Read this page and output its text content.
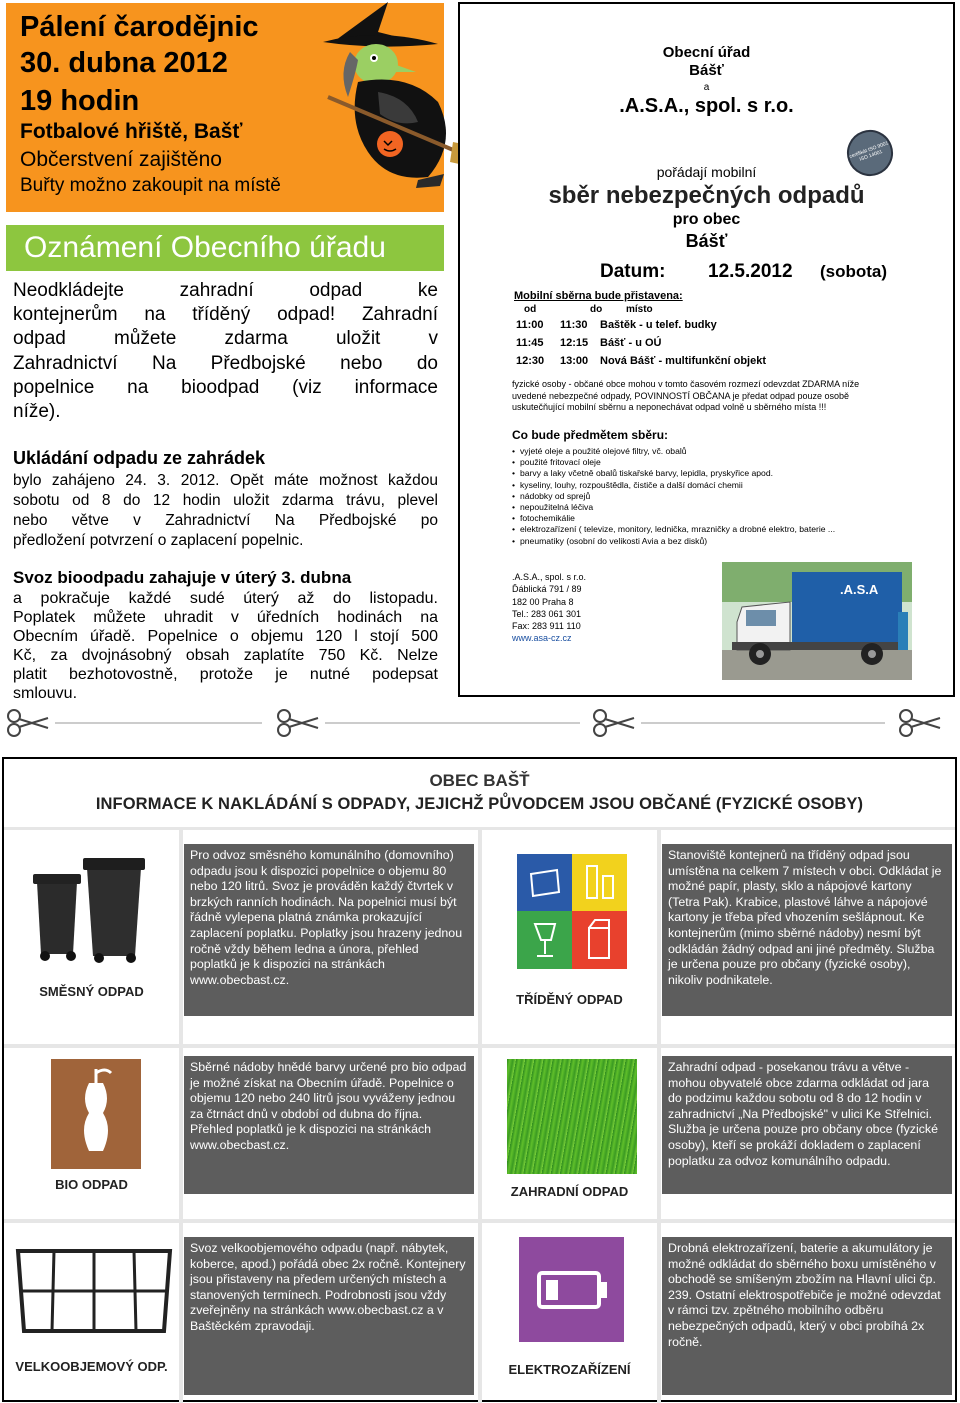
Pálení čarodějnic
30. dubna 2012
19 hodin
Fotbalové hřiště, Bašť
Občerstvení zajištěno
Buřty možno zakoupit na místě
Oznámení Obecního úřadu
Neodkládejte zahradní odpad ke
kontejnerům na tříděný odpad! Zahradní
odpad můžete zdarma uložit v
Zahradnictví Na Předbojské nebo do
popelnice na bioodpad (viz informace
níže).
Ukládání odpadu ze zahrádek
bylo zahájeno 24. 3. 2012. Opět máte možnost každou
sobotu od 8 do 12 hodin uložit zdarma trávu, plevel
nebo větve v Zahradnictví Na Předbojské po
předložení potvrzení o zaplacení popelnic.
Svoz bioodpadu zahajuje v úterý 3. dubna
a pokračuje každé sudé úterý až do listopadu.
Poplatek můžete uhradit v úředních hodinách na
Obecním úřadě. Popelnice o objemu 120 l stojí 500
Kč, za dvojnásobný obsah zaplatíte 750 Kč. Nelze
platit bezhotovostně, protože je nutné podepsat
smlouvu.
Obecní úřad
Bášť
a
.A.S.A., spol. s r.o.
certifikát ISO 9001 ISO 14001
pořádají mobilní
sběr nebezpečných odpadů
pro obec
Bášť
Datum: 12.5.2012 (sobota)
Mobilní sběrna bude přistavena:
od	do místo
11:00 11:30 Baštěk - u telef. budky
11:45 12:15 Bášť - u OÚ
12:30 13:00 Nová Bášť - multifunkční objekt
fyzické osoby - občané obce mohou v tomto časovém rozmezí odevzdat ZDARMA níže
uvedené nebezpečné odpady, POVINNOSTÍ OBČANA je předat odpad pouze osobě
uskutečňující mobilní sběrnu a neponechávat odpad volně u sběrného místa !!!
Co bude předmětem sběru:
• vyjeté oleje a použité olejové filtry, vč. obalů
• použité fritovací oleje
• barvy a laky včetně obalů tiskařské barvy, lepidla, pryskyřice apod.
• kyseliny, louhy, rozpouštědla, čističe a další domácí chemii
• nádobky od sprejů
• nepoužitelná léčiva
• fotochemikálie
• elektrozařízení ( televize, monitory, lednička, mrazničky a drobné elektro, baterie ...
• pneumatiky (osobní do velikosti Avia a bez disků)
.A.S.A., spol. s r.o.
Ďáblická 791 / 89
182 00 Praha 8
Tel.: 283 061 301
Fax: 283 911 110
www.asa-cz.cz
.A.S.A
OBEC BAŠŤ
INFORMACE K NAKLÁDÁNÍ S ODPADY, JEJICHŽ PŮVODCEM JSOU OBČANÉ (FYZICKÉ OSOBY)
SMĚSNÝ ODPAD
Pro odvoz směsného komunálního (domovního) odpadu jsou k dispozici popelnice o objemu 80 nebo 120 litrů. Svoz je prováděn každý čtvrtek v brzkých ranních hodinách. Na popelnici musí být řádně vylepena platná známka prokazující zaplacení poplatku. Poplatky jsou hrazeny jednou ročně vždy během ledna a února, přehled poplatků je k dispozici na stránkách www.obecbast.cz.
TŘÍDĚNÝ ODPAD
Stanoviště kontejnerů na tříděný odpad jsou umístěna na celkem 7 místech v obci. Odkládat je možné papír, plasty, sklo a nápojové kartony (Tetra Pak). Krabice, plastové láhve a nápojové kartony je třeba před vhozením sešlápnout. Ke kontejnerům (mimo sběrné nádoby) nesmí být odkládán žádný odpad ani jiné předměty. Služba je určena pouze pro občany (fyzické osoby), nikoliv podnikatele.
BIO ODPAD
Sběrné nádoby hnědé barvy určené pro bio odpad je možné získat na Obecním úřadě. Popelnice o objemu 120 nebo 240 litrů jsou vyváženy jednou za čtrnáct dnů v období od dubna do října. Přehled poplatků je k dispozici na stránkách www.obecbast.cz.
ZAHRADNÍ ODPAD
Zahradní odpad - posekanou trávu a větve - mohou obyvatelé obce zdarma odkládat od jara do podzimu každou sobotu od 8 do 12 hodin v zahradnictví „Na Předbojské" v ulici Ke Střelnici. Služba je určena pouze pro občany obce (fyzické osoby), kteří se prokáží dokladem o zaplacení poplatku za odvoz komunálního odpadu.
VELKOOBJEMOVÝ ODP.
Svoz velkoobjemového odpadu (např. nábytek, koberce, apod.) pořádá obec 2x ročně. Kontejnery jsou přistaveny na předem určených místech a stanovených termínech. Podrobnosti jsou vždy zveřejněny na stránkách www.obecbast.cz a v Baštěckém zpravodaji.
ELEKTROZAŘÍZENÍ
Drobná elektrozařízení, baterie a akumulátory je možné odkládat do sběrného boxu umístěného v obchodě se smíšeným zbožím na Hlavní ulici čp. 239. Ostatní elektrospotřebiče je možné odevzdat v rámci tzv. zpětného mobilního odběru nebezpečných odpadů, který v obci probíhá 2x ročně.
